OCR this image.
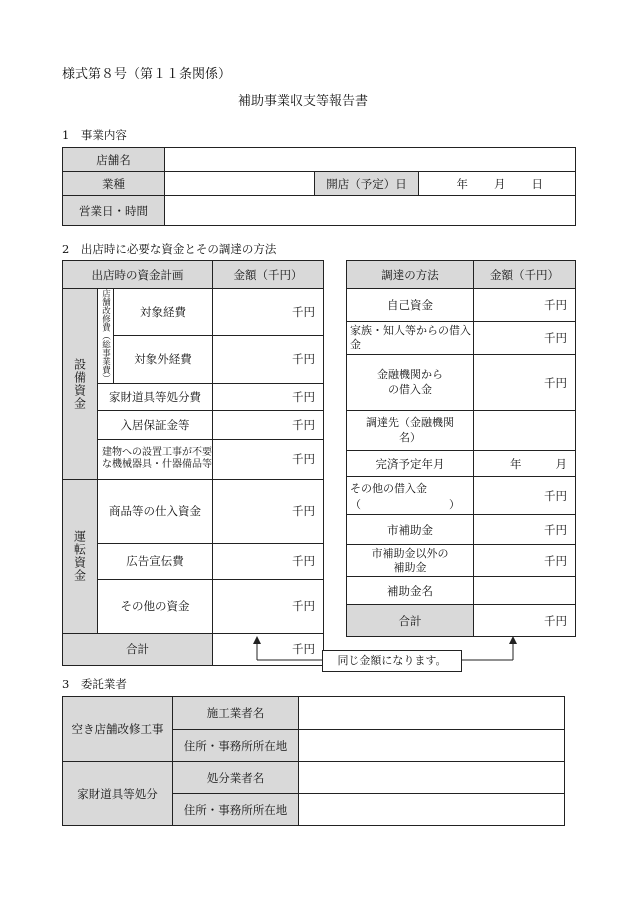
様式第８号（第１１条関係）
補助事業収支等報告書
1　事業内容
店舗名			
業種		開店（予定）日	年 月 日

営業日・時間			
2　出店時に必要な資金とその調達の方法
出店時の資金計画			金額（千円）

設備資金	店舗改修費（総事業費）	対象経費	千円
		対象外経費	千円
	家財道具等処分費		千円
	入居保証金等		千円
	建物への設置工事が不要な機械器具・什器備品等		千円

運転資金	商品等の仕入資金		千円
	広告宣伝費		千円
	その他の資金		千円
合計			千円
調達の方法	金額（千円）
自己資金	千円
家族・知人等からの借入金	千円
金融機関からの借入金	千円
調達先（金融機関名）	
完済予定年月	年 月

その他の借入金
（ ）	千円
市補助金	千円
市補助金以外の補助金	千円
補助金名	
合計	千円
同じ金額になります。
3　委託業者
空き店舗改修工事	施工業者名	
	住所・事務所所在地	
家財道具等処分	処分業者名	
	住所・事務所所在地	
